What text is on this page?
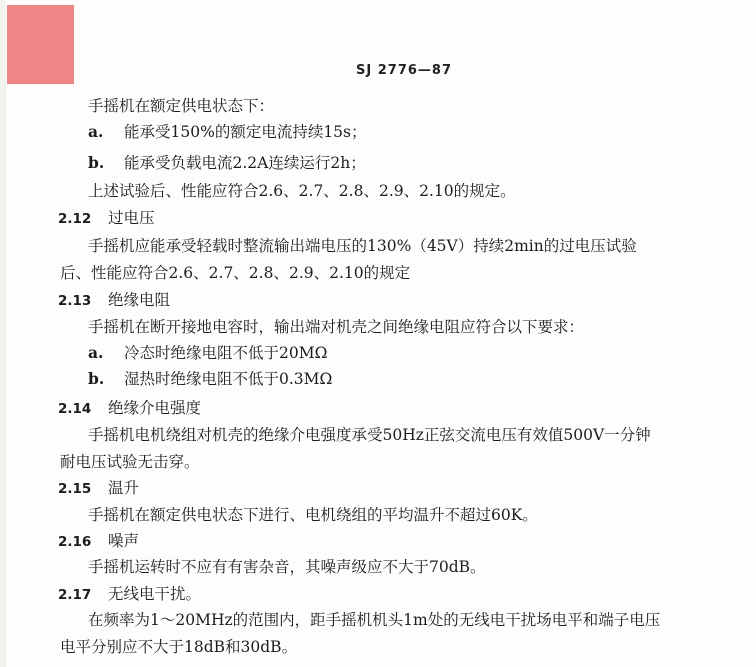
SJ 2776—87
手摇机在额定供电状态下：
a. 能承受150%的额定电流持续15s；
b. 能承受负载电流2.2A连续运行2h；
上述试验后、性能应符合2.6、2.7、2.8、2.9、2.10的规定。
2.12 过电压
手摇机应能承受轻载时整流输出端电压的130%（45V）持续2min的过电压试验
后、性能应符合2.6、2.7、2.8、2.9、2.10的规定
2.13 绝缘电阻
手摇机在断开接地电容时，输出端对机壳之间绝缘电阻应符合以下要求：
a. 冷态时绝缘电阻不低于20MΩ
b. 湿热时绝缘电阻不低于0.3MΩ
2.14 绝缘介电强度
手摇机电机绕组对机壳的绝缘介电强度承受50Hz正弦交流电压有效值500V一分钟
耐电压试验无击穿。
2.15 温升
手摇机在额定供电状态下进行、电机绕组的平均温升不超过60K。
2.16 噪声
手摇机运转时不应有有害杂音，其噪声级应不大于70dB。
2.17 无线电干扰。
在频率为1～20MHz的范围内，距手摇机机头1m处的无线电干扰场电平和端子电压
电平分别应不大于18dB和30dB。
